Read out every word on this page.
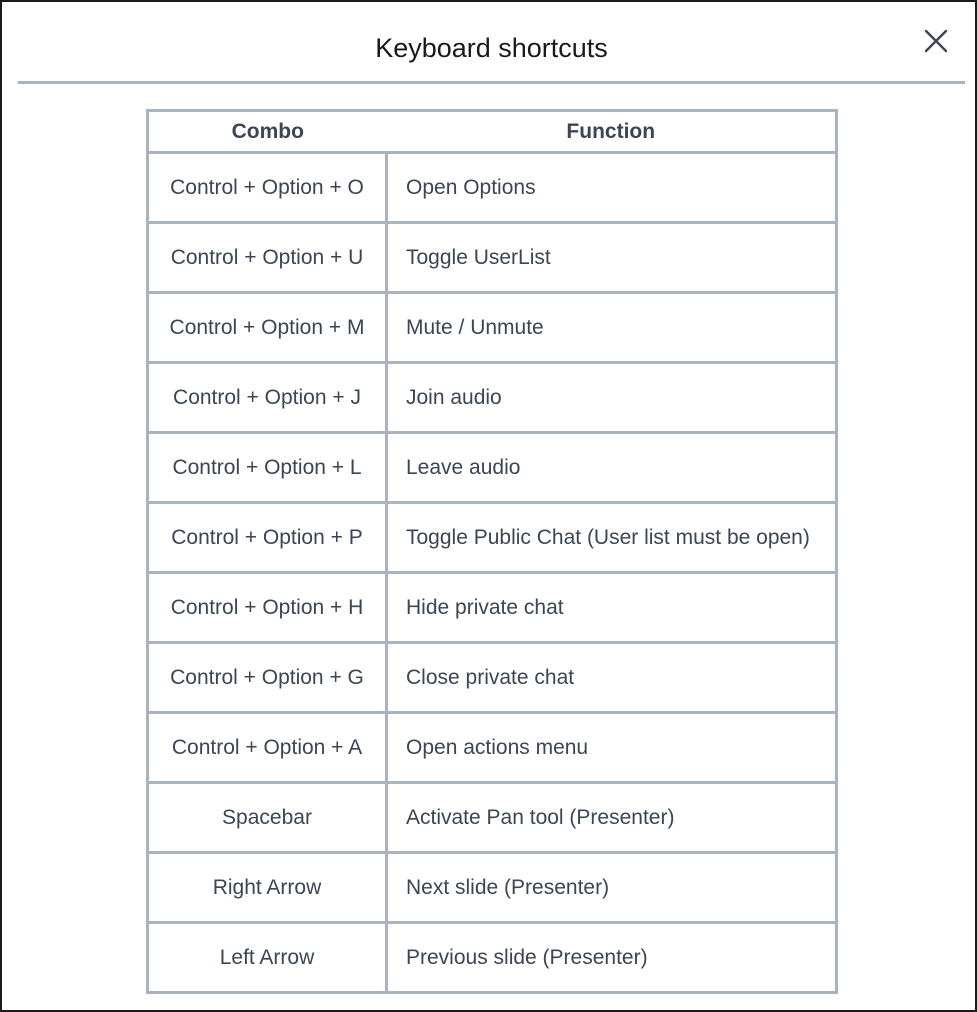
Keyboard shortcuts
Combo	Function
Control + Option + O	Open Options
Control + Option + U	Toggle UserList
Control + Option + M	Mute / Unmute
Control + Option + J	Join audio
Control + Option + L	Leave audio
Control + Option + P	Toggle Public Chat (User list must be open)
Control + Option + H	Hide private chat
Control + Option + G	Close private chat
Control + Option + A	Open actions menu
Spacebar	Activate Pan tool (Presenter)
Right Arrow	Next slide (Presenter)
Left Arrow	Previous slide (Presenter)
